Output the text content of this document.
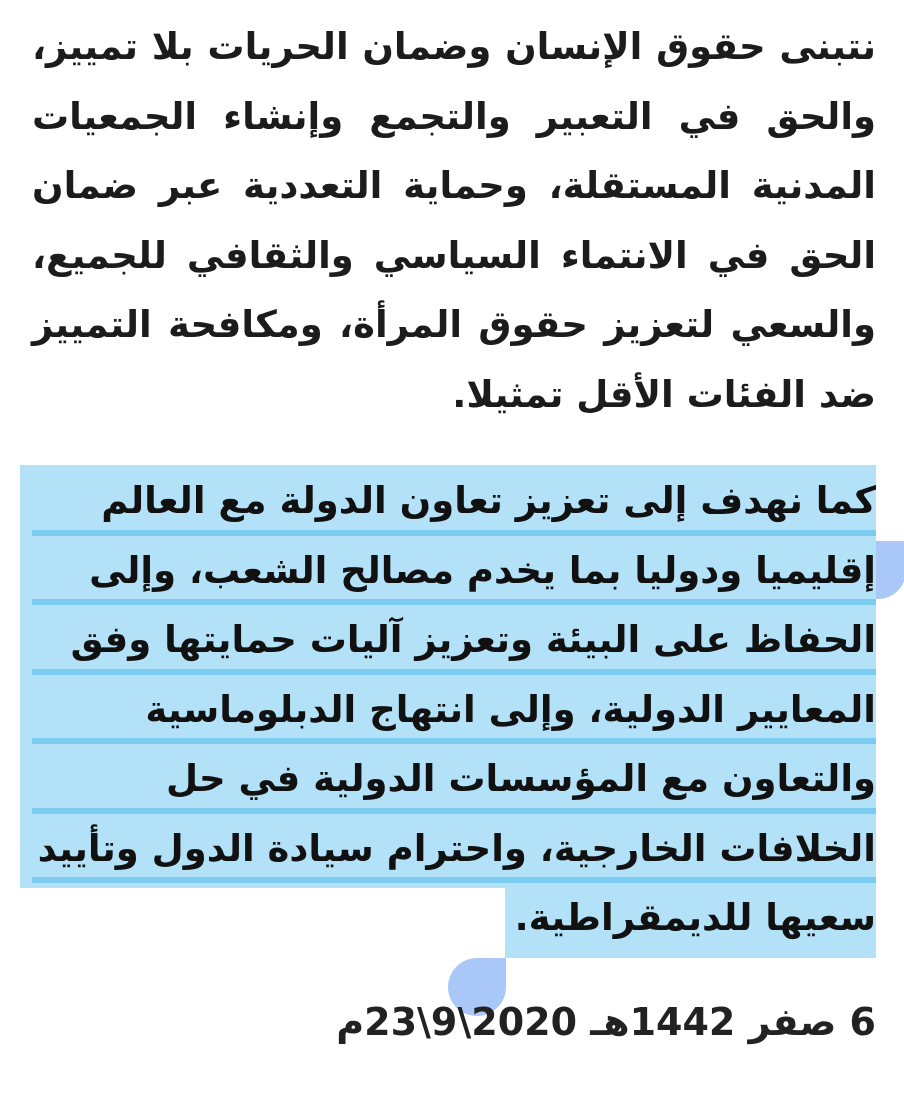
نتبنى حقوق الإنسان وضمان الحريات بلا تمييز، والحق في التعبير والتجمع وإنشاء الجمعيات المدنية المستقلة، وحماية التعددية عبر ضمان الحق في الانتماء السياسي والثقافي للجميع، والسعي لتعزيز حقوق المرأة، ومكافحة التمييز ضد الفئات الأقل تمثيلا.
كما نهدف إلى تعزيز تعاون الدولة مع العالم
إقليميا ودوليا بما يخدم مصالح الشعب، وإلى
الحفاظ على البيئة وتعزيز آليات حمايتها وفق
المعايير الدولية، وإلى انتهاج الدبلوماسية
والتعاون مع المؤسسات الدولية في حل
الخلافات الخارجية، واحترام سيادة الدول وتأييد
سعيها للديمقراطية.
6 صفر 1442هـ 2020\9\23م
